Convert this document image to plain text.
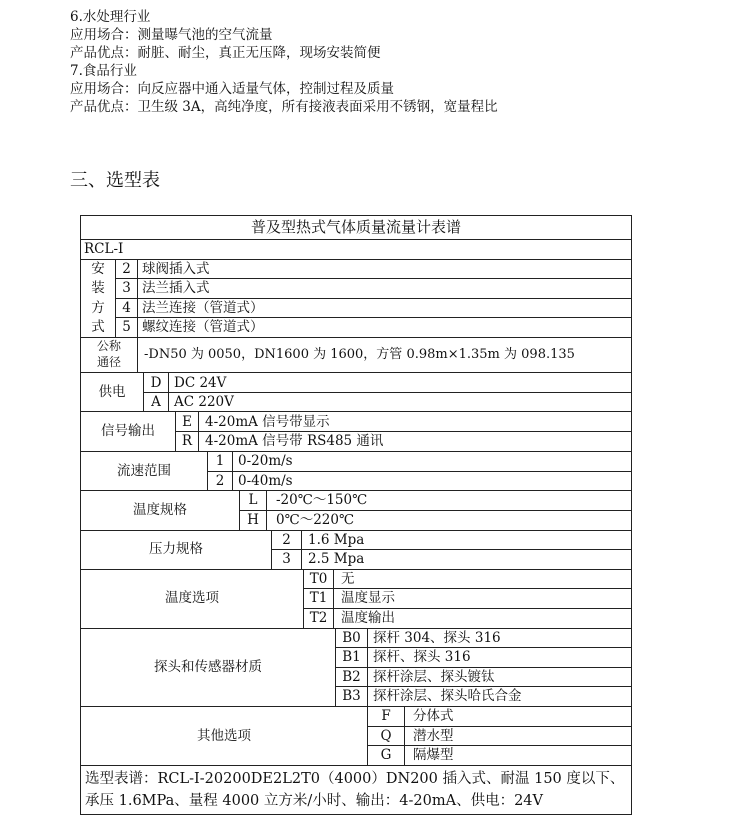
6.水处理行业
应用场合：测量曝气池的空气流量
产品优点：耐脏、耐尘，真正无压降，现场安装简便
7.食品行业
应用场合：向反应器中通入适量气体，控制过程及质量
产品优点：卫生级 3A，高纯净度，所有接液表面采用不锈钢，宽量程比
三、选型表
普及型热式气体质量流量计表谱
RCL-I
安
装
方
式
2 球阀插入式
3 法兰插入式
4 法兰连接（管道式）
5 螺纹连接（管道式）
公称
通径	-DN50 为 0050，DN1600 为 1600，方管 0.98m×1.35m 为 098.135
供电
D DC 24V
A AC 220V
信号输出
E 4-20mA 信号带显示
R 4-20mA 信号带 RS485 通讯
流速范围
1	0-20m/s
2	0-40m/s
温度规格
L	-20℃～150℃
H	0℃～220℃
压力规格
2	1.6 Mpa
3	2.5 Mpa
温度选项
T0	无
T1	温度显示
T2	温度输出
探头和传感器材质
B0 探杆 304、探头 316
B1 探杆、探头 316
B2 探杆涂层、探头镀钛
B3 探杆涂层、探头哈氏合金
其他选项
F	分体式
Q	潜水型
G	隔爆型
选型表谱：RCL-I-20200DE2L2T0（4000）DN200 插入式、耐温 150 度以下、
承压 1.6MPa、量程 4000 立方米/小时、输出：4-20mA、供电：24V
